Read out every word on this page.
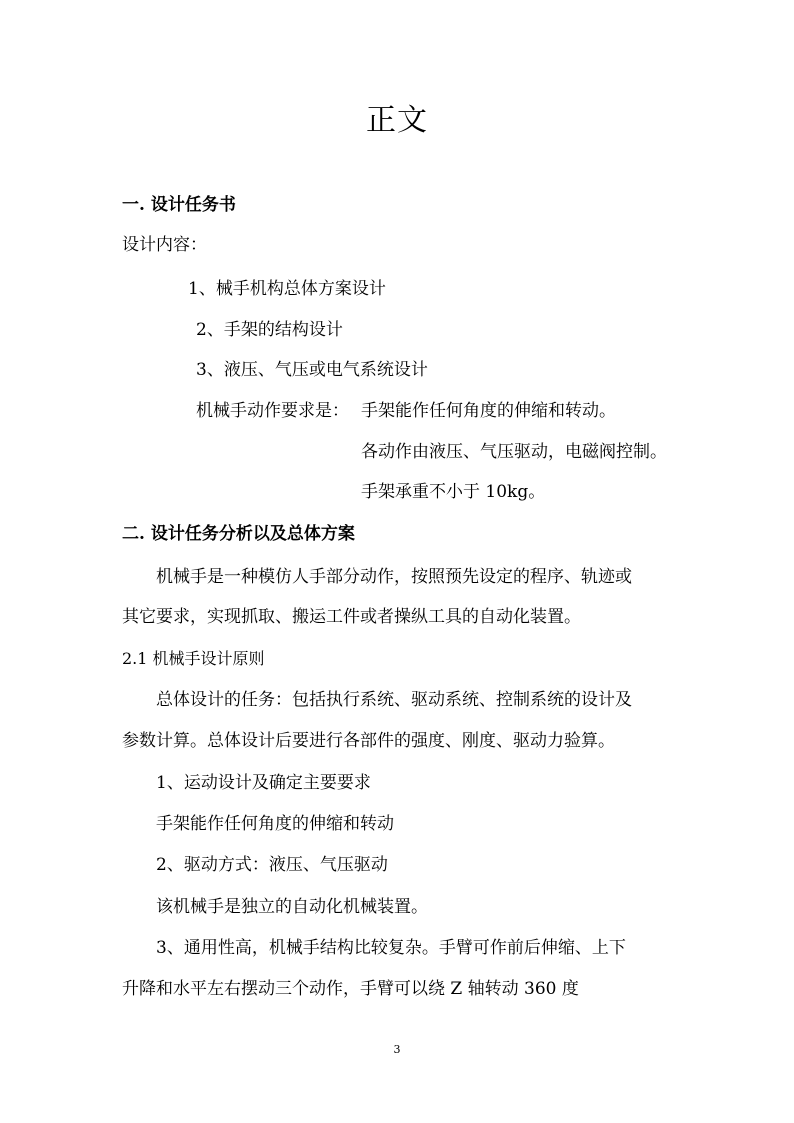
正文
一. 设计任务书
设计内容：
1、械手机构总体方案设计
2、手架的结构设计
3、液压、气压或电气系统设计
机械手动作要求是： 手架能作任何角度的伸缩和转动。
各动作由液压、气压驱动，电磁阀控制。
手架承重不小于 10kg。
二. 设计任务分析以及总体方案
机械手是一种模仿人手部分动作，按照预先设定的程序、轨迹或
其它要求，实现抓取、搬运工件或者操纵工具的自动化装置。
2.1 机械手设计原则
总体设计的任务：包括执行系统、驱动系统、控制系统的设计及
参数计算。总体设计后要进行各部件的强度、刚度、驱动力验算。
1、运动设计及确定主要要求
手架能作任何角度的伸缩和转动
2、驱动方式：液压、气压驱动
该机械手是独立的自动化机械装置。
3、通用性高，机械手结构比较复杂。手臂可作前后伸缩、上下
升降和水平左右摆动三个动作，手臂可以绕 Z 轴转动 360 度
3
